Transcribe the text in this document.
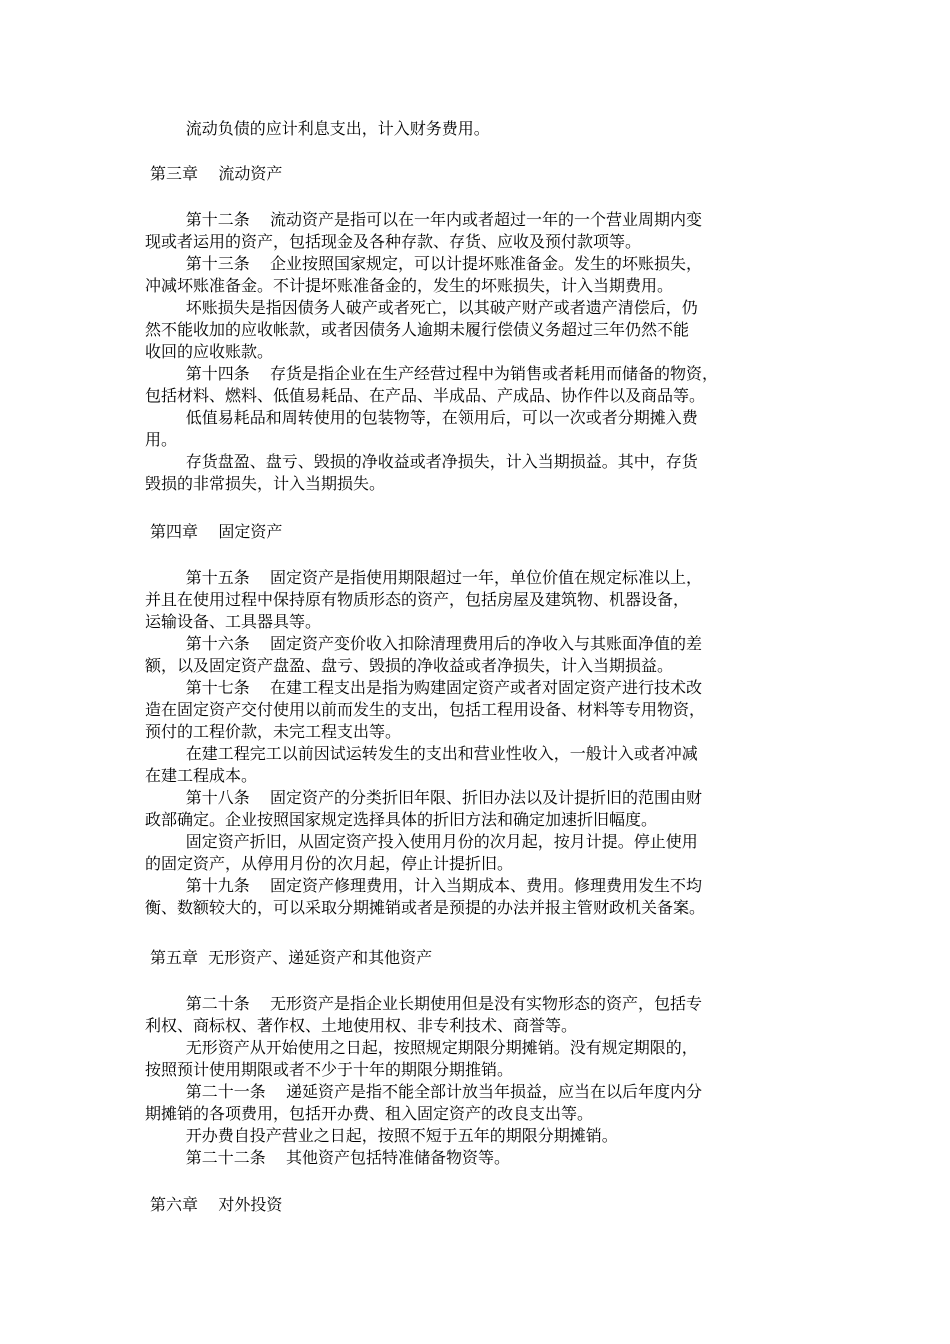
流动负债的应计利息支出，计入财务费用。
第三章    流动资产
第十二条    流动资产是指可以在一年内或者超过一年的一个营业周期内变
现或者运用的资产，包括现金及各种存款、存货、应收及预付款项等。
第十三条    企业按照国家规定，可以计提坏账准备金。发生的坏账损失，
冲减坏账准备金。不计提坏账准备金的，发生的坏账损失，计入当期费用。
坏账损失是指因债务人破产或者死亡，以其破产财产或者遗产清偿后，仍
然不能收加的应收帐款，或者因债务人逾期未履行偿债义务超过三年仍然不能
收回的应收账款。
第十四条    存货是指企业在生产经营过程中为销售或者耗用而储备的物资，
包括材料、燃料、低值易耗品、在产品、半成品、产成品、协作件以及商品等。
低值易耗品和周转使用的包装物等，在领用后，可以一次或者分期摊入费
用。
存货盘盈、盘亏、毁损的净收益或者净损失，计入当期损益。其中，存货
毁损的非常损失，计入当期损失。
第四章    固定资产
第十五条    固定资产是指使用期限超过一年，单位价值在规定标准以上，
并且在使用过程中保持原有物质形态的资产，包括房屋及建筑物、机器设备，
运输设备、工具器具等。
第十六条    固定资产变价收入扣除清理费用后的净收入与其账面净值的差
额，以及固定资产盘盈、盘亏、毁损的净收益或者净损失，计入当期损益。
第十七条    在建工程支出是指为购建固定资产或者对固定资产进行技术改
造在固定资产交付使用以前而发生的支出，包括工程用设备、材料等专用物资，
预付的工程价款，未完工程支出等。
在建工程完工以前因试运转发生的支出和营业性收入，一般计入或者冲减
在建工程成本。
第十八条    固定资产的分类折旧年限、折旧办法以及计提折旧的范围由财
政部确定。企业按照国家规定选择具体的折旧方法和确定加速折旧幅度。
固定资产折旧，从固定资产投入使用月份的次月起，按月计提。停止使用
的固定资产，从停用月份的次月起，停止计提折旧。
第十九条    固定资产修理费用，计入当期成本、费用。修理费用发生不均
衡、数额较大的，可以采取分期摊销或者是预提的办法并报主管财政机关备案。
第五章  无形资产、递延资产和其他资产
第二十条    无形资产是指企业长期使用但是没有实物形态的资产，包括专
利权、商标权、著作权、土地使用权、非专利技术、商誉等。
无形资产从开始使用之日起，按照规定期限分期摊销。没有规定期限的，
按照预计使用期限或者不少于十年的期限分期推销。
第二十一条    递延资产是指不能全部计放当年损益，应当在以后年度内分
期摊销的各项费用，包括开办费、租入固定资产的改良支出等。
开办费自投产营业之日起，按照不短于五年的期限分期摊销。
第二十二条    其他资产包括特准储备物资等。
第六章    对外投资
